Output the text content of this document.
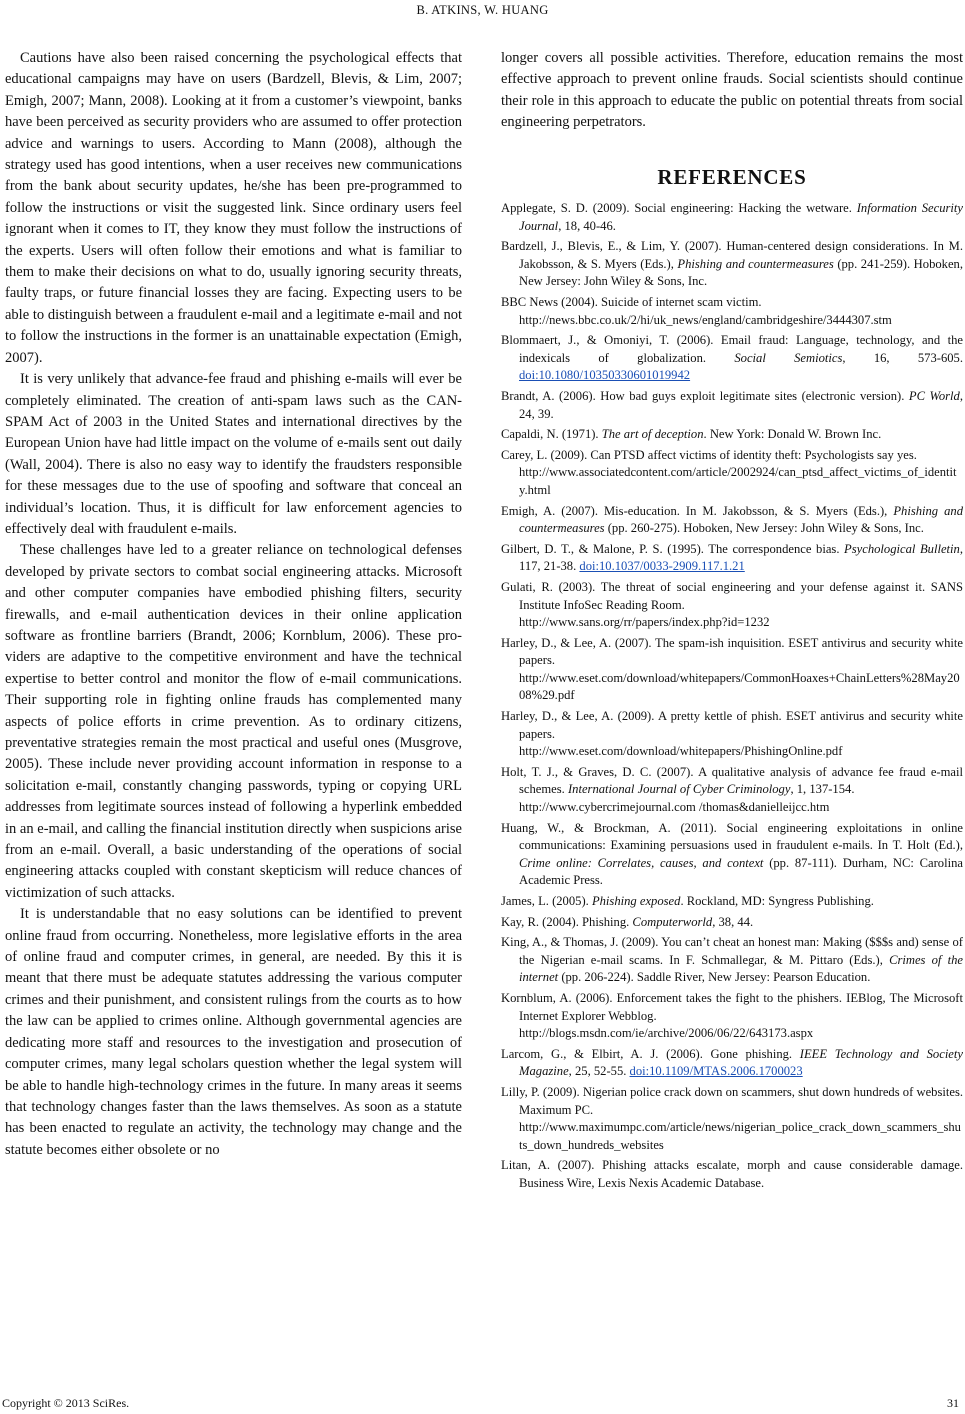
B. ATKINS, W. HUANG

Cautions have also been raised concerning the psychological effects that educational campaigns may have on users (Bardzell, Blevis, & Lim, 2007; Emigh, 2007; Mann, 2008). Looking at it from a customer’s viewpoint, banks have been perceived as security providers who are assumed to offer protection advice and warnings to users. According to Mann (2008), although the strategy used has good intentions, when a user receives new communications from the bank about security updates, he/she has been pre-programmed to follow the instructions or visit the suggested link. Since ordinary users feel ignorant when it comes to IT, they know they must follow the instructions of the experts. Users will often follow their emotions and what is familiar to them to make their decisions on what to do, usually ignoring security threats, faulty traps, or future financial losses they are facing. Expecting users to be able to distinguish between a fraudulent e-mail and a legitimate e-mail and not to follow the instructions in the former is an unattainable expectation (Emigh, 2007).

It is very unlikely that advance-fee fraud and phishing e-mails will ever be completely eliminated. The creation of anti-spam laws such as the CAN-SPAM Act of 2003 in the United States and international directives by the European Union have had little impact on the volume of e-mails sent out daily (Wall, 2004). There is also no easy way to identify the fraudsters responsible for these messages due to the use of spoofing and software that conceal an individual’s location. Thus, it is difficult for law enforcement agencies to effectively deal with fraudulent e-mails.

These challenges have led to a greater reliance on technological defenses developed by private sectors to combat social engineering attacks. Microsoft and other computer companies have embodied phishing filters, security firewalls, and e-mail authentication devices in their online application software as frontline barriers (Brandt, 2006; Kornblum, 2006). These providers are adaptive to the competitive environment and have the technical expertise to better control and monitor the flow of e-mail communications. Their supporting role in fighting online frauds has complemented many aspects of police efforts in crime prevention. As to ordinary citizens, preventative strategies remain the most practical and useful ones (Musgrove, 2005). These include never providing account information in response to a solicitation e-mail, constantly changing passwords, typing or copying URL addresses from legitimate sources instead of following a hyperlink embedded in an e-mail, and calling the financial institution directly when suspicions arise from an e-mail. Overall, a basic understanding of the operations of social engineering attacks coupled with constant skepticism will reduce chances of victimization of such attacks.

It is understandable that no easy solutions can be identified to prevent online fraud from occurring. Nonetheless, more legislative efforts in the area of online fraud and computer crimes, in general, are needed. By this it is meant that there must be adequate statutes addressing the various computer crimes and their punishment, and consistent rulings from the courts as to how the law can be applied to crimes online. Although governmental agencies are dedicating more staff and resources to the investigation and prosecution of computer crimes, many legal scholars question whether the legal system will be able to handle high-technology crimes in the future. In many areas it seems that technology changes faster than the laws themselves. As soon as a statute has been enacted to regulate an activity, the technology may change and the statute becomes either obsolete or no

longer covers all possible activities. Therefore, education remains the most effective approach to prevent online frauds. Social scientists should continue their role in this approach to educate the public on potential threats from social engineering perpetrators.

REFERENCES

Applegate, S. D. (2009). Social engineering: Hacking the wetware. Information Security Journal, 18, 40-46.

Bardzell, J., Blevis, E., & Lim, Y. (2007). Human-centered design considerations. In M. Jakobsson, & S. Myers (Eds.), Phishing and countermeasures (pp. 241-259). Hoboken, New Jersey: John Wiley & Sons, Inc.

BBC News (2004). Suicide of internet scam victim.
http://news.bbc.co.uk/2/hi/uk_news/england/cambridgeshire/3444307.stm

Blommaert, J., & Omoniyi, T. (2006). Email fraud: Language, technology, and the indexicals of globalization. Social Semiotics, 16, 573-605. doi:10.1080/10350330601019942

Brandt, A. (2006). How bad guys exploit legitimate sites (electronic version). PC World, 24, 39.

Capaldi, N. (1971). The art of deception. New York: Donald W. Brown Inc.

Carey, L. (2009). Can PTSD affect victims of identity theft: Psychologists say yes.
http://www.associatedcontent.com/article/2002924/can_ptsd_affect_victims_of_identity.html

Emigh, A. (2007). Mis-education. In M. Jakobsson, & S. Myers (Eds.), Phishing and countermeasures (pp. 260-275). Hoboken, New Jersey: John Wiley & Sons, Inc.

Gilbert, D. T., & Malone, P. S. (1995). The correspondence bias. Psychological Bulletin, 117, 21-38. doi:10.1037/0033-2909.117.1.21

Gulati, R. (2003). The threat of social engineering and your defense against it. SANS Institute InfoSec Reading Room.
http://www.sans.org/rr/papers/index.php?id=1232

Harley, D., & Lee, A. (2007). The spam-ish inquisition. ESET antivirus and security white papers.
http://www.eset.com/download/whitepapers/CommonHoaxes+ChainLetters%28May2008%29.pdf

Harley, D., & Lee, A. (2009). A pretty kettle of phish. ESET antivirus and security white papers.
http://www.eset.com/download/whitepapers/PhishingOnline.pdf

Holt, T. J., & Graves, D. C. (2007). A qualitative analysis of advance fee fraud e-mail schemes. International Journal of Cyber Criminology, 1, 137-154.
http://www.cybercrimejournal.com /thomas&danielleijcc.htm

Huang, W., & Brockman, A. (2011). Social engineering exploitations in online communications: Examining persuasions used in fraudulent e-mails. In T. Holt (Ed.), Crime online: Correlates, causes, and context (pp. 87-111). Durham, NC: Carolina Academic Press.

James, L. (2005). Phishing exposed. Rockland, MD: Syngress Publishing.

Kay, R. (2004). Phishing. Computerworld, 38, 44.

King, A., & Thomas, J. (2009). You can’t cheat an honest man: Making ($$$s and) sense of the Nigerian e-mail scams. In F. Schmallegar, & M. Pittaro (Eds.), Crimes of the internet (pp. 206-224). Saddle River, New Jersey: Pearson Education.

Kornblum, A. (2006). Enforcement takes the fight to the phishers. IEBlog, The Microsoft Internet Explorer Webblog.
http://blogs.msdn.com/ie/archive/2006/06/22/643173.aspx

Larcom, G., & Elbirt, A. J. (2006). Gone phishing. IEEE Technology and Society Magazine, 25, 52-55. doi:10.1109/MTAS.2006.1700023

Lilly, P. (2009). Nigerian police crack down on scammers, shut down hundreds of websites. Maximum PC.
http://www.maximumpc.com/article/news/nigerian_police_crack_down_scammers_shuts_down_hundreds_websites

Litan, A. (2007). Phishing attacks escalate, morph and cause considerable damage. Business Wire, Lexis Nexis Academic Database.

Copyright © 2013 SciRes.	31
